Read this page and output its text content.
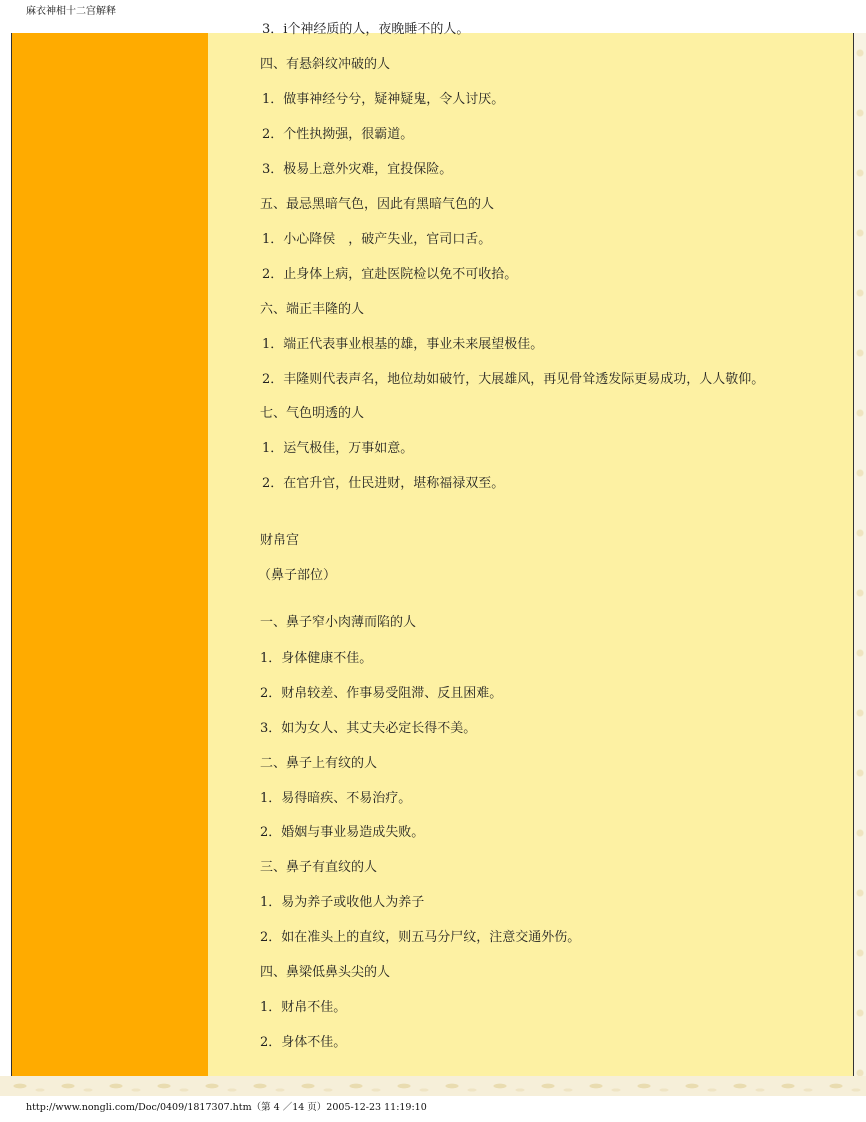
麻衣神相十二宫解释
3．i个神经质的人，夜晚睡不的人。
四、有悬斜纹冲破的人
1．做事神经兮兮，疑神疑鬼，令人讨厌。
2．个性执拗强，很霸道。
3．极易上意外灾难，宜投保险。
五、最忌黑暗气色，因此有黑暗气色的人
1．小心降侯　，破产失业，官司口舌。
2．止身体上病，宜赴医院检以免不可收拾。
六、端正丰隆的人
1．端正代表事业根基的雄，事业未来展望极佳。
2．丰隆则代表声名，地位劫如破竹，大展雄风，再见骨耸透发际更易成功，人人敬仰。
七、气色明透的人
1．运气极佳，万事如意。
2．在官升官，仕民进财，堪称福禄双至。
财帛宫
（鼻子部位）
一、鼻子窄小肉薄而陷的人
1．身体健康不佳。
2．财帛较差、作事易受阻滞、反且困难。
3．如为女人、其丈夫必定长得不美。
二、鼻子上有纹的人
1．易得暗疾、不易治疗。
2．婚姻与事业易造成失败。
三、鼻子有直纹的人
1．易为养子或收他人为养子
2．如在准头上的直纹，则五马分尸纹，注意交通外伤。
四、鼻梁低鼻头尖的人
1．财帛不佳。
2．身体不佳。
http://www.nongli.com/Doc/0409/1817307.htm（第 4 ／14 页）2005-12-23 11:19:10
